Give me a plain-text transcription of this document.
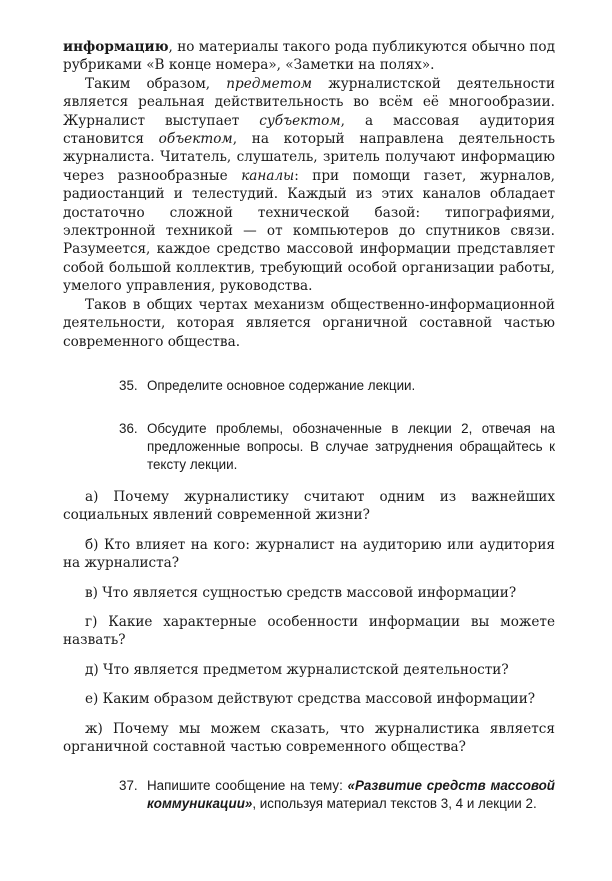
информацию, но материалы такого рода публикуются обычно под рубриками «В конце номера», «Заметки на полях».

Таким образом, предметом журналистской деятельности является реальная действительность во всём её многообразии. Журналист выступает субъектом, а массовая аудитория становится объектом, на который направлена деятельность журналиста. Читатель, слушатель, зритель получают информацию через разнообразные каналы: при помощи газет, журналов, радиостанций и телестудий. Каждый из этих каналов обладает достаточно сложной технической базой: типографиями, электронной техникой — от компьютеров до спутников связи. Разумеется, каждое средство массовой информации представляет собой большой коллектив, требующий особой организации работы, умелого управления, руководства.

Таков в общих чертах механизм общественно-информационной деятельности, которая является органичной составной частью современного общества.

35. Определите основное содержание лекции.
36. Обсудите проблемы, обозначенные в лекции 2, отвечая на предложенные вопросы. В случае затруднения обращайтесь к тексту лекции.

а) Почему журналистику считают одним из важнейших социальных явлений современной жизни?

б) Кто влияет на кого: журналист на аудиторию или аудитория на журналиста?

в) Что является сущностью средств массовой информации?

г) Какие характерные особенности информации вы можете назвать?

д) Что является предметом журналистской деятельности?

е) Каким образом действуют средства массовой информации?

ж) Почему мы можем сказать, что журналистика является органичной составной частью современного общества?

37. Напишите сообщение на тему: «Развитие средств массовой коммуникации», используя материал текстов 3, 4 и лекции 2.
